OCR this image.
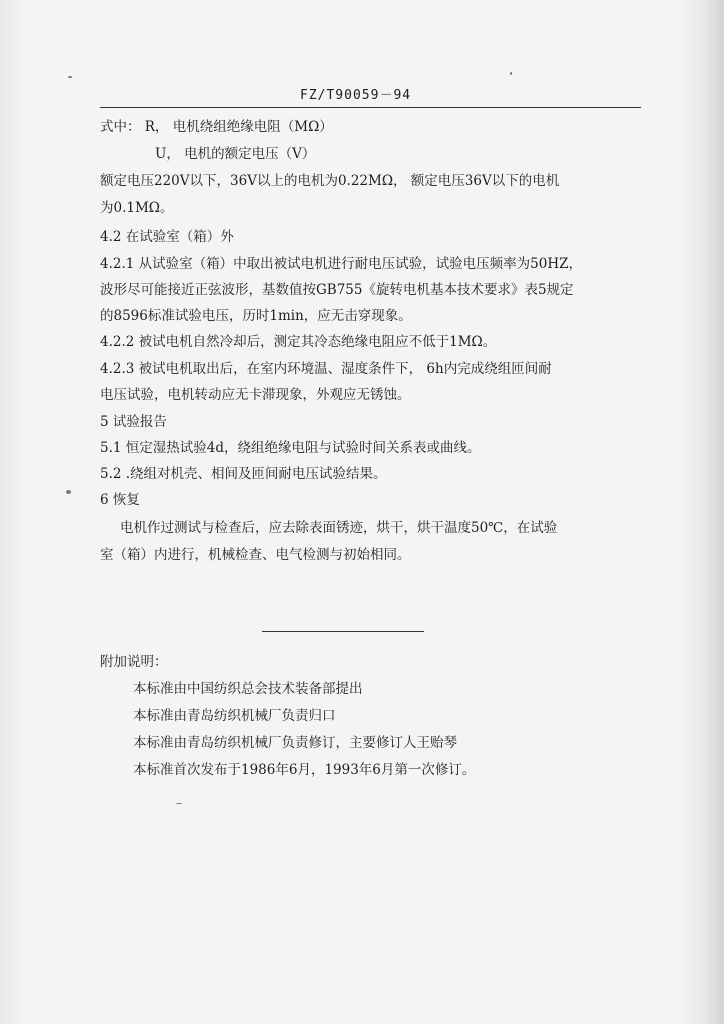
FZ/T90059－94
式中： R， 电机绕组绝缘电阻（MΩ）
U， 电机的额定电压（V）
额定电压220V以下，36V以上的电机为0.22MΩ， 额定电压36V以下的电机
为0.1MΩ。
4.2 在试验室（箱）外
4.2.1 从试验室（箱）中取出被试电机进行耐电压试验，试验电压频率为50HZ，
波形尽可能接近正弦波形，基数值按GB755《旋转电机基本技术要求》表5规定
的8596标准试验电压，历时1min，应无击穿现象。
4.2.2 被试电机自然冷却后，测定其冷态绝缘电阻应不低于1MΩ。
4.2.3 被试电机取出后，在室内环境温、湿度条件下， 6h内完成绕组匝间耐
电压试验，电机转动应无卡滞现象，外观应无锈蚀。
5 试验报告
5.1 恒定湿热试验4d，绕组绝缘电阻与试验时间关系表或曲线。
5.2 .绕组对机壳、相间及匝间耐电压试验结果。
6 恢复
电机作过测试与检查后，应去除表面锈迹，烘干，烘干温度50℃，在试验
室（箱）内进行，机械检查、电气检测与初始相同。
附加说明：
本标准由中国纺织总会技术装备部提出
本标准由青岛纺织机械厂负责归口
本标准由青岛纺织机械厂负责修订，主要修订人王贻琴
本标准首次发布于1986年6月，1993年6月第一次修订。
